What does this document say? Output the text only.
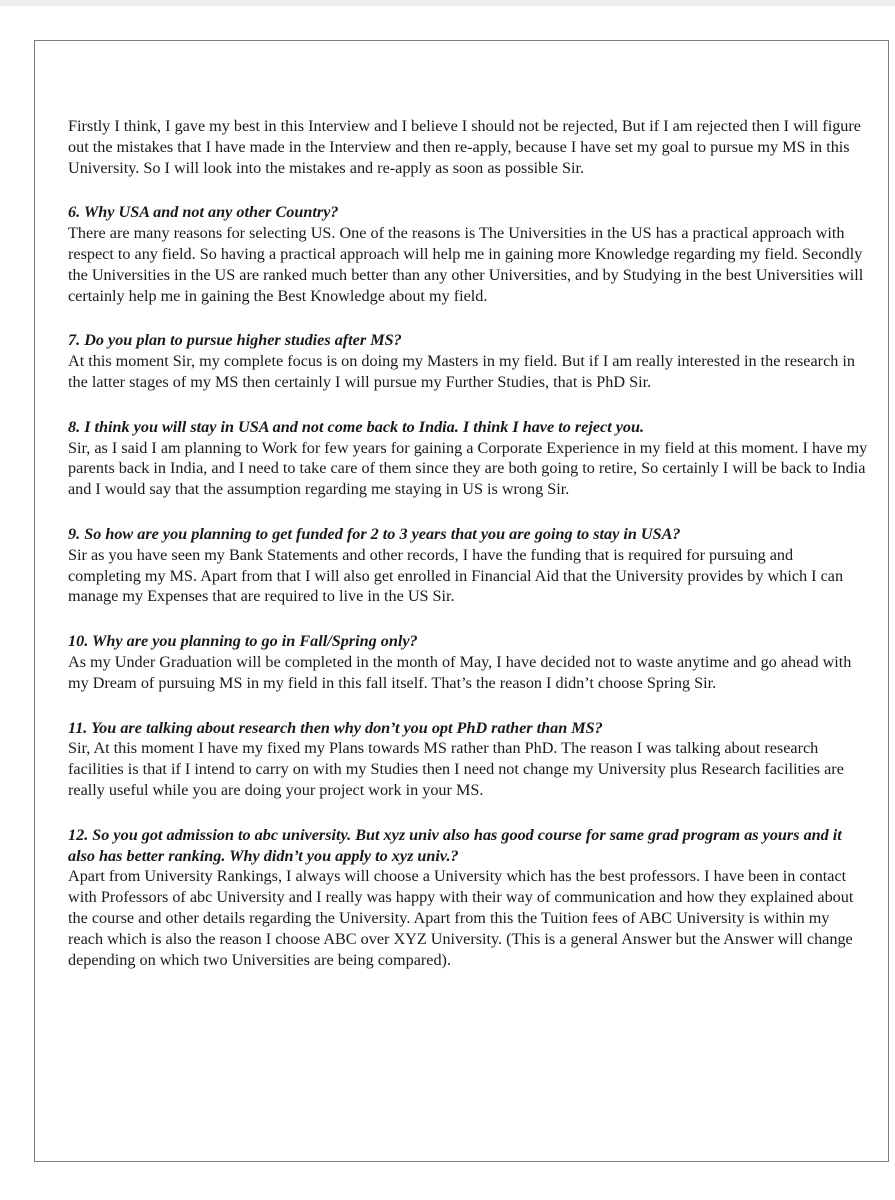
Firstly I think, I gave my best in this Interview and I believe I should not be rejected, But if I am rejected then I will figure out the mistakes that I have made in the Interview and then re-apply, because I have set my goal to pursue my MS in this University. So I will look into the mistakes and re-apply as soon as possible Sir.

6. Why USA and not any other Country?

There are many reasons for selecting US. One of the reasons is The Universities in the US has a practical approach with respect to any field. So having a practical approach will help me in gaining more Knowledge regarding my field. Secondly the Universities in the US are ranked much better than any other Universities, and by Studying in the best Universities will certainly help me in gaining the Best Knowledge about my field.

7. Do you plan to pursue higher studies after MS?

At this moment Sir, my complete focus is on doing my Masters in my field. But if I am really interested in the research in the latter stages of my MS then certainly I will pursue my Further Studies, that is PhD Sir.

8. I think you will stay in USA and not come back to India. I think I have to reject you.

Sir, as I said I am planning to Work for few years for gaining a Corporate Experience in my field at this moment. I have my parents back in India, and I need to take care of them since they are both going to retire, So certainly I will be back to India and I would say that the assumption regarding me staying in US is wrong Sir.

9. So how are you planning to get funded for 2 to 3 years that you are going to stay in USA?

Sir as you have seen my Bank Statements and other records, I have the funding that is required for pursuing and completing my MS. Apart from that I will also get enrolled in Financial Aid that the University provides by which I can manage my Expenses that are required to live in the US Sir.

10. Why are you planning to go in Fall/Spring only?

As my Under Graduation will be completed in the month of May, I have decided not to waste anytime and go ahead with my Dream of pursuing MS in my field in this fall itself. That’s the reason I didn’t choose Spring Sir.

11. You are talking about research then why don’t you opt PhD rather than MS?

Sir, At this moment I have my fixed my Plans towards MS rather than PhD. The reason I was talking about research facilities is that if I intend to carry on with my Studies then I need not change my University plus Research facilities are really useful while you are doing your project work in your MS.

12. So you got admission to abc university. But xyz univ also has good course for same grad program as yours and it also has better ranking. Why didn’t you apply to xyz univ.?

Apart from University Rankings, I always will choose a University which has the best professors. I have been in contact with Professors of abc University and I really was happy with their way of communication and how they explained about the course and other details regarding the University. Apart from this the Tuition fees of ABC University is within my reach which is also the reason I choose ABC over XYZ University. (This is a general Answer but the Answer will change depending on which two Universities are being compared).
